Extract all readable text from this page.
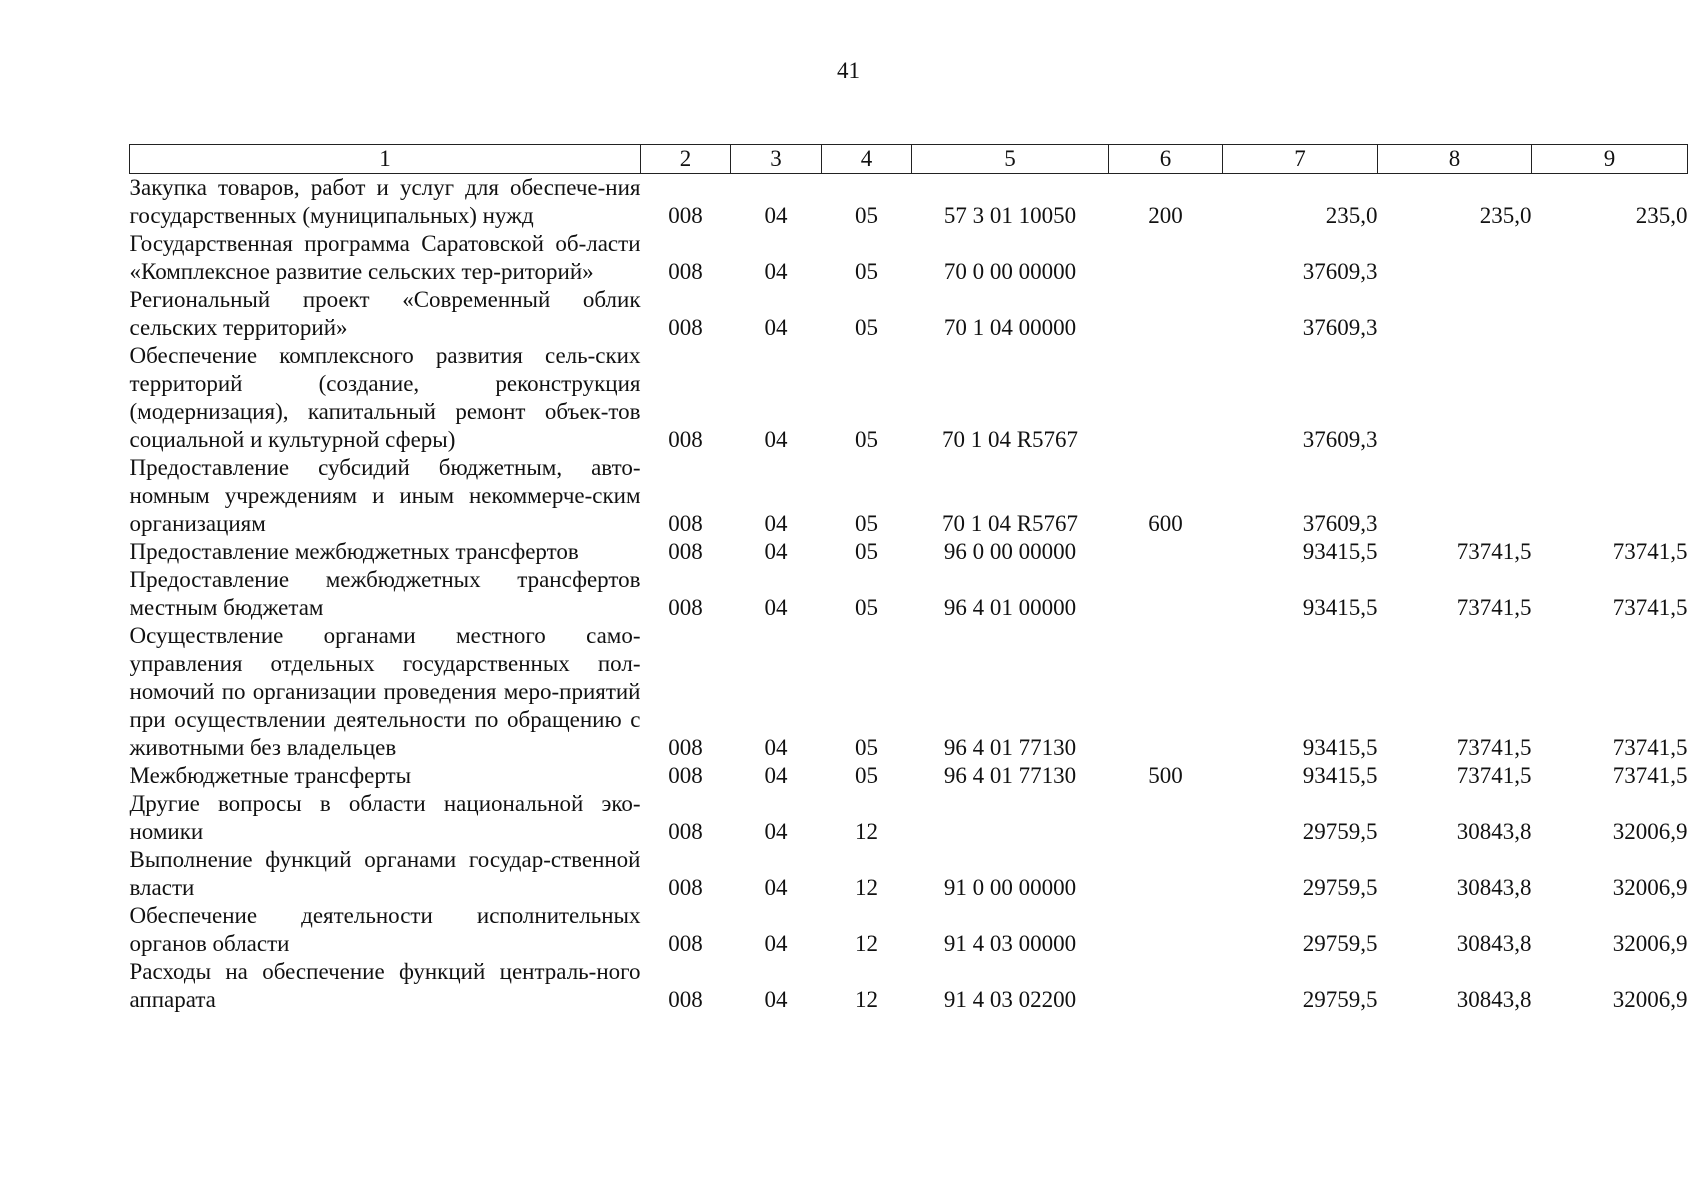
41
1	2	3	4	5	6	7	8	9
Закупка товаров, работ и услуг для обеспече-ния государственных (муниципальных) нужд	008	04	05	57 3 01 10050	200	235,0	235,0	235,0
Государственная программа Саратовской об-ласти «Комплексное развитие сельских тер-риторий»	008	04	05	70 0 00 00000		37609,3		
Региональный проект «Современный облик сельских территорий»	008	04	05	70 1 04 00000		37609,3		
Обеспечение комплексного развития сель-ских территорий (создание, реконструкция (модернизация), капитальный ремонт объек-тов социальной и культурной сферы)	008	04	05	70 1 04 R5767		37609,3		
Предоставление субсидий бюджетным, авто-номным учреждениям и иным некоммерче-ским организациям	008	04	05	70 1 04 R5767	600	37609,3		
Предоставление межбюджетных трансфертов	008	04	05	96 0 00 00000		93415,5	73741,5	73741,5
Предоставление межбюджетных трансфертов местным бюджетам	008	04	05	96 4 01 00000		93415,5	73741,5	73741,5
Осуществление органами местного само-управления отдельных государственных пол-номочий по организации проведения меро-приятий при осуществлении деятельности по обращению с животными без владельцев	008	04	05	96 4 01 77130		93415,5	73741,5	73741,5
Межбюджетные трансферты	008	04	05	96 4 01 77130	500	93415,5	73741,5	73741,5
Другие вопросы в области национальной эко-номики	008	04	12			29759,5	30843,8	32006,9
Выполнение функций органами государ-ственной власти	008	04	12	91 0 00 00000		29759,5	30843,8	32006,9
Обеспечение деятельности исполнительных органов области	008	04	12	91 4 03 00000		29759,5	30843,8	32006,9
Расходы на обеспечение функций централь-ного аппарата	008	04	12	91 4 03 02200		29759,5	30843,8	32006,9
